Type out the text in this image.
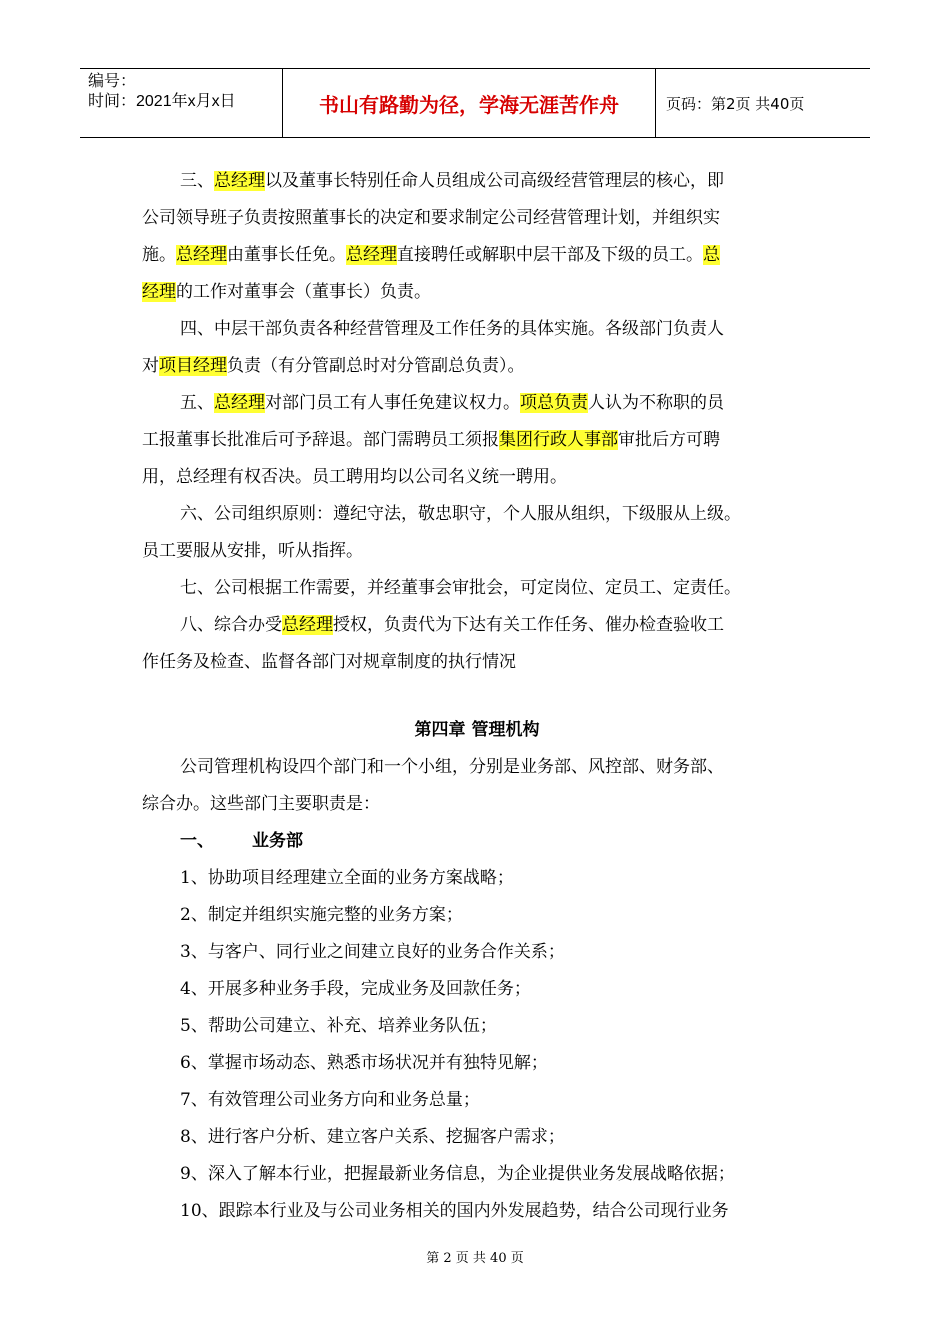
编号：
时间：2021年x月x日	书山有路勤为径，学海无涯苦作舟	页码：第2页 共40页
三、总经理以及董事长特别任命人员组成公司高级经营管理层的核心，即
公司领导班子负责按照董事长的决定和要求制定公司经营管理计划，并组织实
施。总经理由董事长任免。总经理直接聘任或解职中层干部及下级的员工。总
经理的工作对董事会（董事长）负责。
四、中层干部负责各种经营管理及工作任务的具体实施。各级部门负责人
对项目经理负责（有分管副总时对分管副总负责）。
五、总经理对部门员工有人事任免建议权力。项总负责人认为不称职的员
工报董事长批准后可予辞退。部门需聘员工须报集团行政人事部审批后方可聘
用，总经理有权否决。员工聘用均以公司名义统一聘用。
六、公司组织原则：遵纪守法，敬忠职守，个人服从组织，下级服从上级。
员工要服从安排，听从指挥。
七、公司根据工作需要，并经董事会审批会，可定岗位、定员工、定责任。
八、综合办受总经理授权，负责代为下达有关工作任务、催办检查验收工
作任务及检查、监督各部门对规章制度的执行情况
第四章 管理机构
公司管理机构设四个部门和一个小组，分别是业务部、风控部、财务部、
综合办。这些部门主要职责是：
一、 业务部
1、协助项目经理建立全面的业务方案战略；
2、制定并组织实施完整的业务方案；
3、与客户、同行业之间建立良好的业务合作关系；
4、开展多种业务手段，完成业务及回款任务；
5、帮助公司建立、补充、培养业务队伍；
6、掌握市场动态、熟悉市场状况并有独特见解；
7、有效管理公司业务方向和业务总量；
8、进行客户分析、建立客户关系、挖掘客户需求；
9、深入了解本行业，把握最新业务信息，为企业提供业务发展战略依据；
10、跟踪本行业及与公司业务相关的国内外发展趋势，结合公司现行业务
第 2 页 共 40 页
